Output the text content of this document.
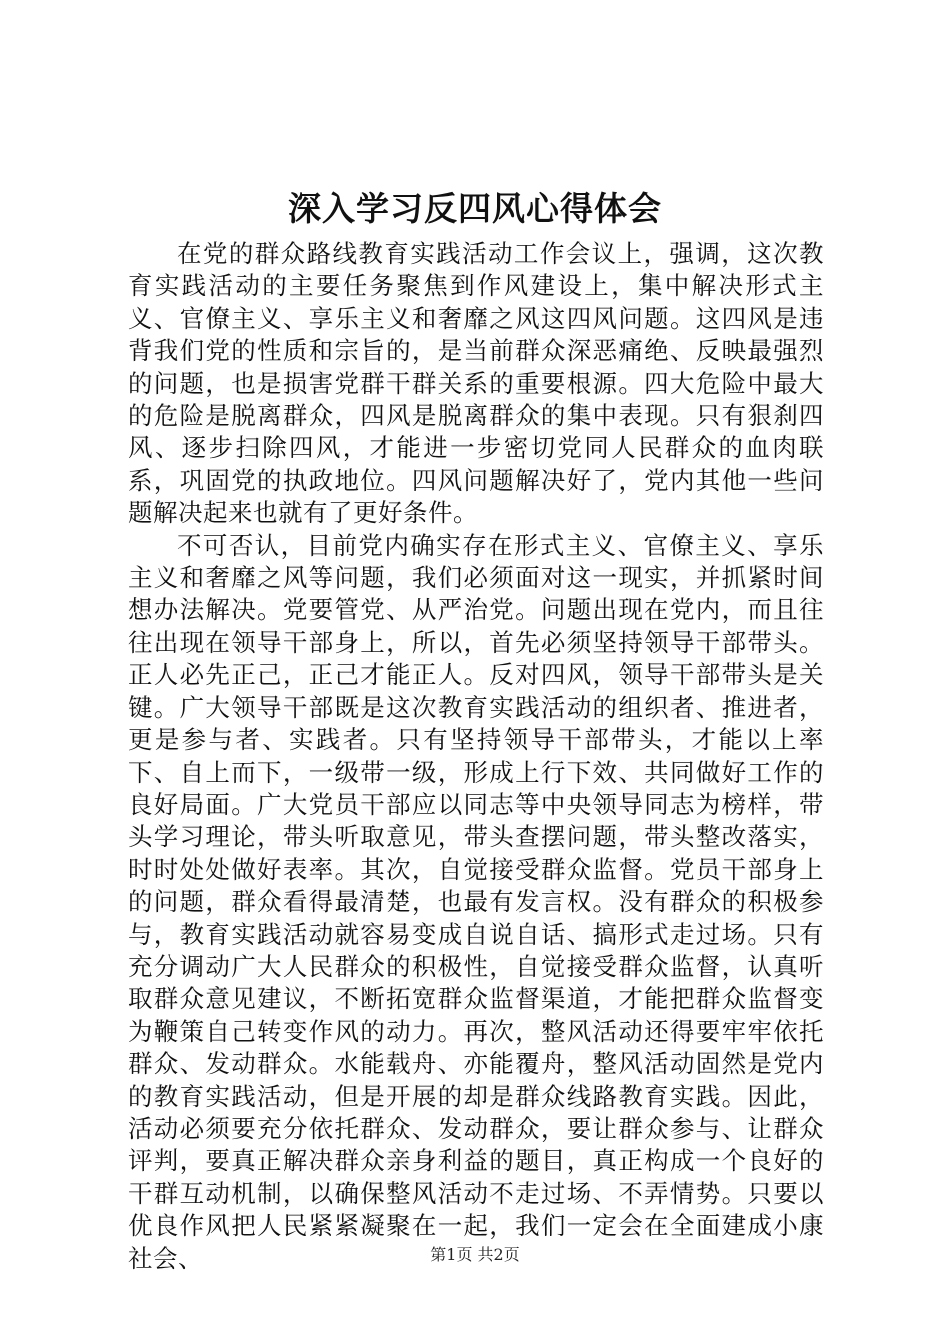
深入学习反四风心得体会

在党的群众路线教育实践活动工作会议上，强调，这次教育实践活动的主要任务聚焦到作风建设上，集中解决形式主义、官僚主义、享乐主义和奢靡之风这四风问题。这四风是违背我们党的性质和宗旨的，是当前群众深恶痛绝、反映最强烈的问题，也是损害党群干群关系的重要根源。四大危险中最大的危险是脱离群众，四风是脱离群众的集中表现。只有狠刹四风、逐步扫除四风，才能进一步密切党同人民群众的血肉联系，巩固党的执政地位。四风问题解决好了，党内其他一些问题解决起来也就有了更好条件。

不可否认，目前党内确实存在形式主义、官僚主义、享乐主义和奢靡之风等问题，我们必须面对这一现实，并抓紧时间想办法解决。党要管党、从严治党。问题出现在党内，而且往往出现在领导干部身上，所以，首先必须坚持领导干部带头。正人必先正己，正己才能正人。反对四风，领导干部带头是关键。广大领导干部既是这次教育实践活动的组织者、推进者，更是参与者、实践者。只有坚持领导干部带头，才能以上率下、自上而下，一级带一级，形成上行下效、共同做好工作的良好局面。广大党员干部应以同志等中央领导同志为榜样，带头学习理论，带头听取意见，带头查摆问题，带头整改落实，时时处处做好表率。其次，自觉接受群众监督。党员干部身上的问题，群众看得最清楚，也最有发言权。没有群众的积极参与，教育实践活动就容易变成自说自话、搞形式走过场。只有充分调动广大人民群众的积极性，自觉接受群众监督，认真听取群众意见建议，不断拓宽群众监督渠道，才能把群众监督变为鞭策自己转变作风的动力。再次，整风活动还得要牢牢依托群众、发动群众。水能载舟、亦能覆舟，整风活动固然是党内的教育实践活动，但是开展的却是群众线路教育实践。因此，活动必须要充分依托群众、发动群众，要让群众参与、让群众评判，要真正解决群众亲身利益的题目，真正构成一个良好的干群互动机制，以确保整风活动不走过场、不弄情势。只要以优良作风把人民紧紧凝聚在一起，我们一定会在全面建成小康社会、	第1页 共2页
